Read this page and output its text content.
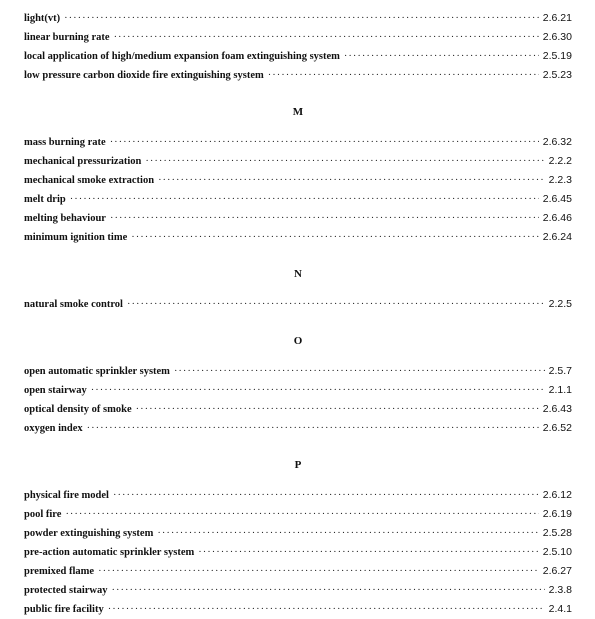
light(vt) ·····	2.6.21
linear burning rate ·····	2.6.30
local application of high/medium expansion foam extinguishing system ·····	2.5.19
low pressure carbon dioxide fire extinguishing system ·····	2.5.23
M
mass burning rate ·····	2.6.32
mechanical pressurization ·····	2.2.2
mechanical smoke extraction ·····	2.2.3
melt drip ·····	2.6.45
melting behaviour ·····	2.6.46
minimum ignition time ·····	2.6.24
N
natural smoke control ·····	2.2.5
O
open automatic sprinkler system ·····	2.5.7
open stairway ·····	2.1.1
optical density of smoke ·····	2.6.43
oxygen index ·····	2.6.52
P
physical fire model ·····	2.6.12
pool fire ·····	2.6.19
powder extinguishing system ·····	2.5.28
pre-action automatic sprinkler system ·····	2.5.10
premixed flame ·····	2.6.27
protected stairway ·····	2.3.8
public fire facility ·····	2.4.1
